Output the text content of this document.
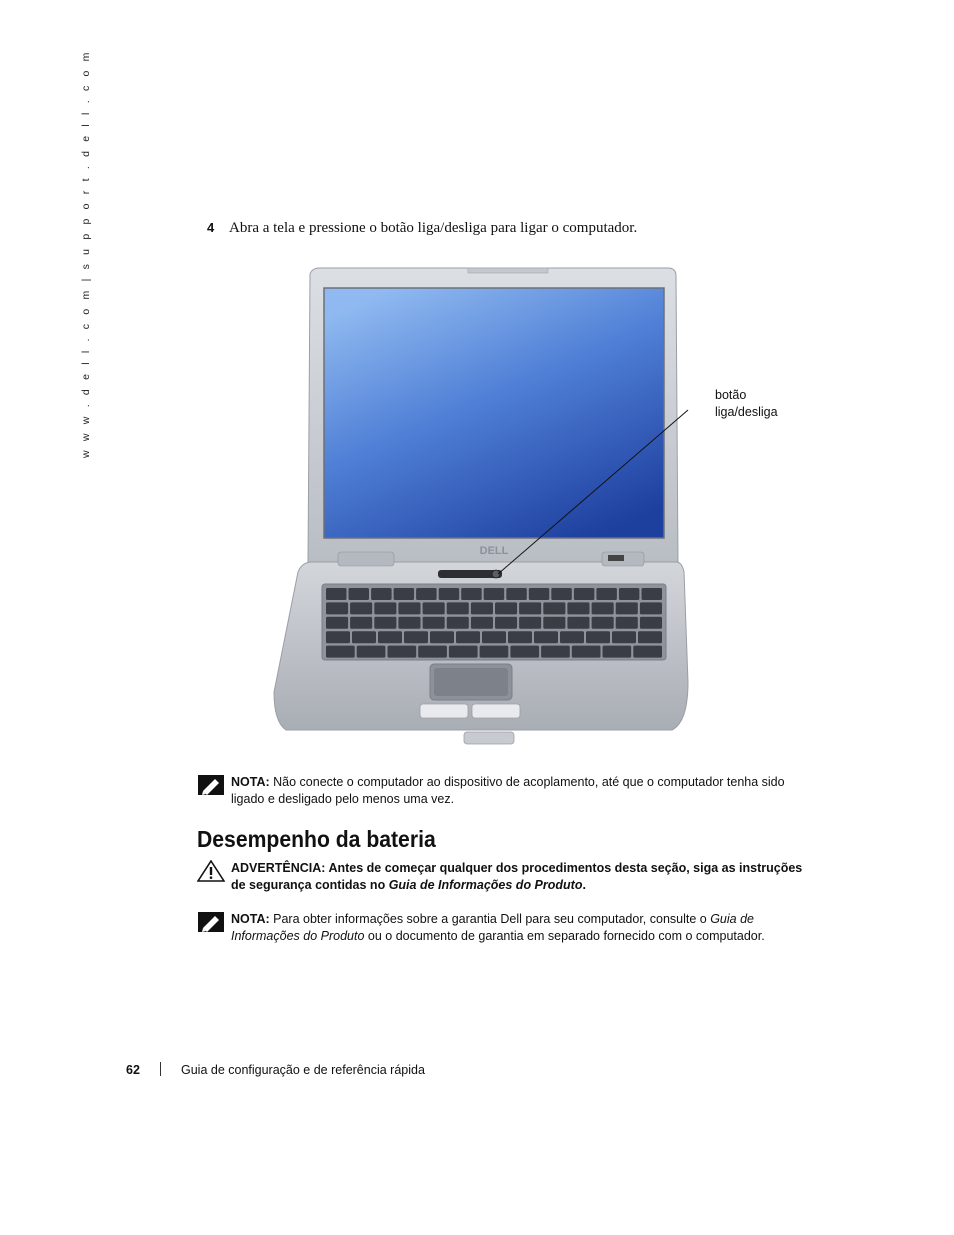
w w w . d e l l . c o m | s u p p o r t . d e l l . c o m	4 Abra a tela e pressione o botão liga/desliga para ligar o computador.
DELL
botão
liga/desliga
NOTA: Não conecte o computador ao dispositivo de acoplamento, até que o computador tenha sido ligado e desligado pelo menos uma vez.
Desempenho da bateria
ADVERTÊNCIA: Antes de começar qualquer dos procedimentos desta seção, siga as instruções de segurança contidas no Guia de Informações do Produto.
NOTA: Para obter informações sobre a garantia Dell para seu computador, consulte o Guia de Informações do Produto ou o documento de garantia em separado fornecido com o computador.
62	Guia de configuração e de referência rápida
